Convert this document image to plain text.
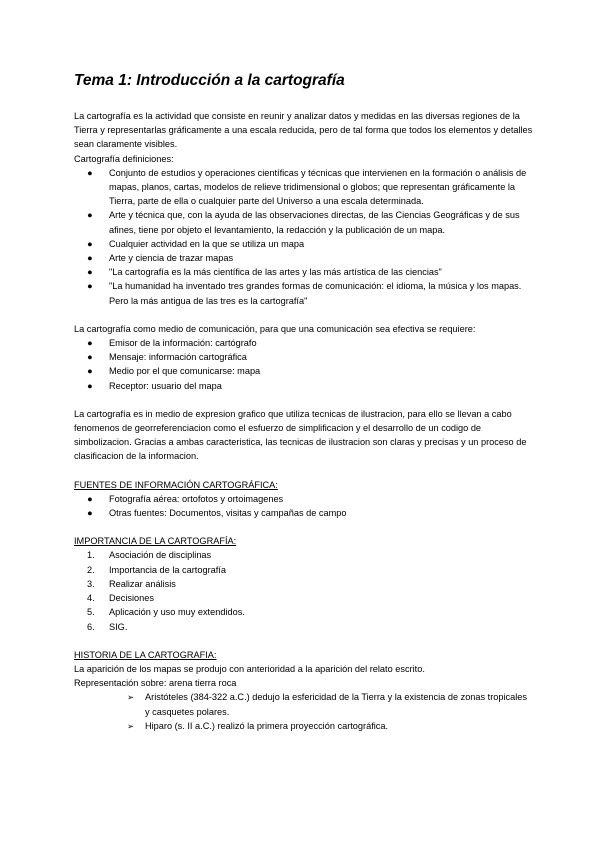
Tema 1: Introducción a la cartografía

La cartografía es la actividad que consiste en reunir y analizar datos y medidas en las diversas regiones de la Tierra y representarlas gráficamente a una escala reducida, pero de tal forma que todos los elementos y detalles sean claramente visibles.

Cartografía definiciones:

● Conjunto de estudios y operaciones científicas y técnicas que intervienen en la formación o análisis de mapas, planos, cartas, modelos de relieve tridimensional o globos; que representan gráficamente la Tierra, parte de ella o cualquier parte del Universo a una escala determinada.
● Arte y técnica que, con la ayuda de las observaciones directas, de las Ciencias Geográficas y de sus afines, tiene por objeto el levantamiento, la redacción y la publicación de un mapa.
● Cualquier actividad en la que se utiliza un mapa
● Arte y ciencia de trazar mapas
● "La cartografía es la más científica de las artes y las más artística de las ciencias"
● "La humanidad ha inventado tres grandes formas de comunicación: el idioma, la música y los mapas. Pero la más antigua de las tres es la cartografía"

La cartografía como medio de comunicación, para que una comunicación sea efectiva se requiere:

● Emisor de la información: cartógrafo
● Mensaje: información cartográfica
● Medio por el que comunicarse: mapa
● Receptor: usuario del mapa

La cartografía es in medio de expresion grafico que utiliza tecnicas de ilustracion, para ello se llevan a cabo fenomenos de georreferenciacion como el esfuerzo de simplificacion y el desarrollo de un codigo de simbolizacion. Gracias a ambas caracteristica, las tecnicas de ilustracion son claras y precisas y un proceso de clasificacion de la informacion.

FUENTES DE INFORMACIÓN CARTOGRÁFICA:

● Fotografía aérea: ortofotos y ortoimagenes
● Otras fuentes: Documentos, visitas y campañas de campo

IMPORTANCIA DE LA CARTOGRAFÍA:

1. Asociación de disciplinas
2. Importancia de la cartografía
3. Realizar análisis
4. Decisiones
5. Aplicación y uso muy extendidos.
6. SIG.

HISTORIA DE LA CARTOGRAFIA:

La aparición de los mapas se produjo con anterioridad a la aparición del relato escrito.

Representación sobre: arena tierra roca

➢ Aristóteles (384-322 a.C.) dedujo la esfericidad de la Tierra y la existencia de zonas tropicales y casquetes polares.
➢ Hiparo (s. II a.C.) realizó la primera proyección cartográfica.
